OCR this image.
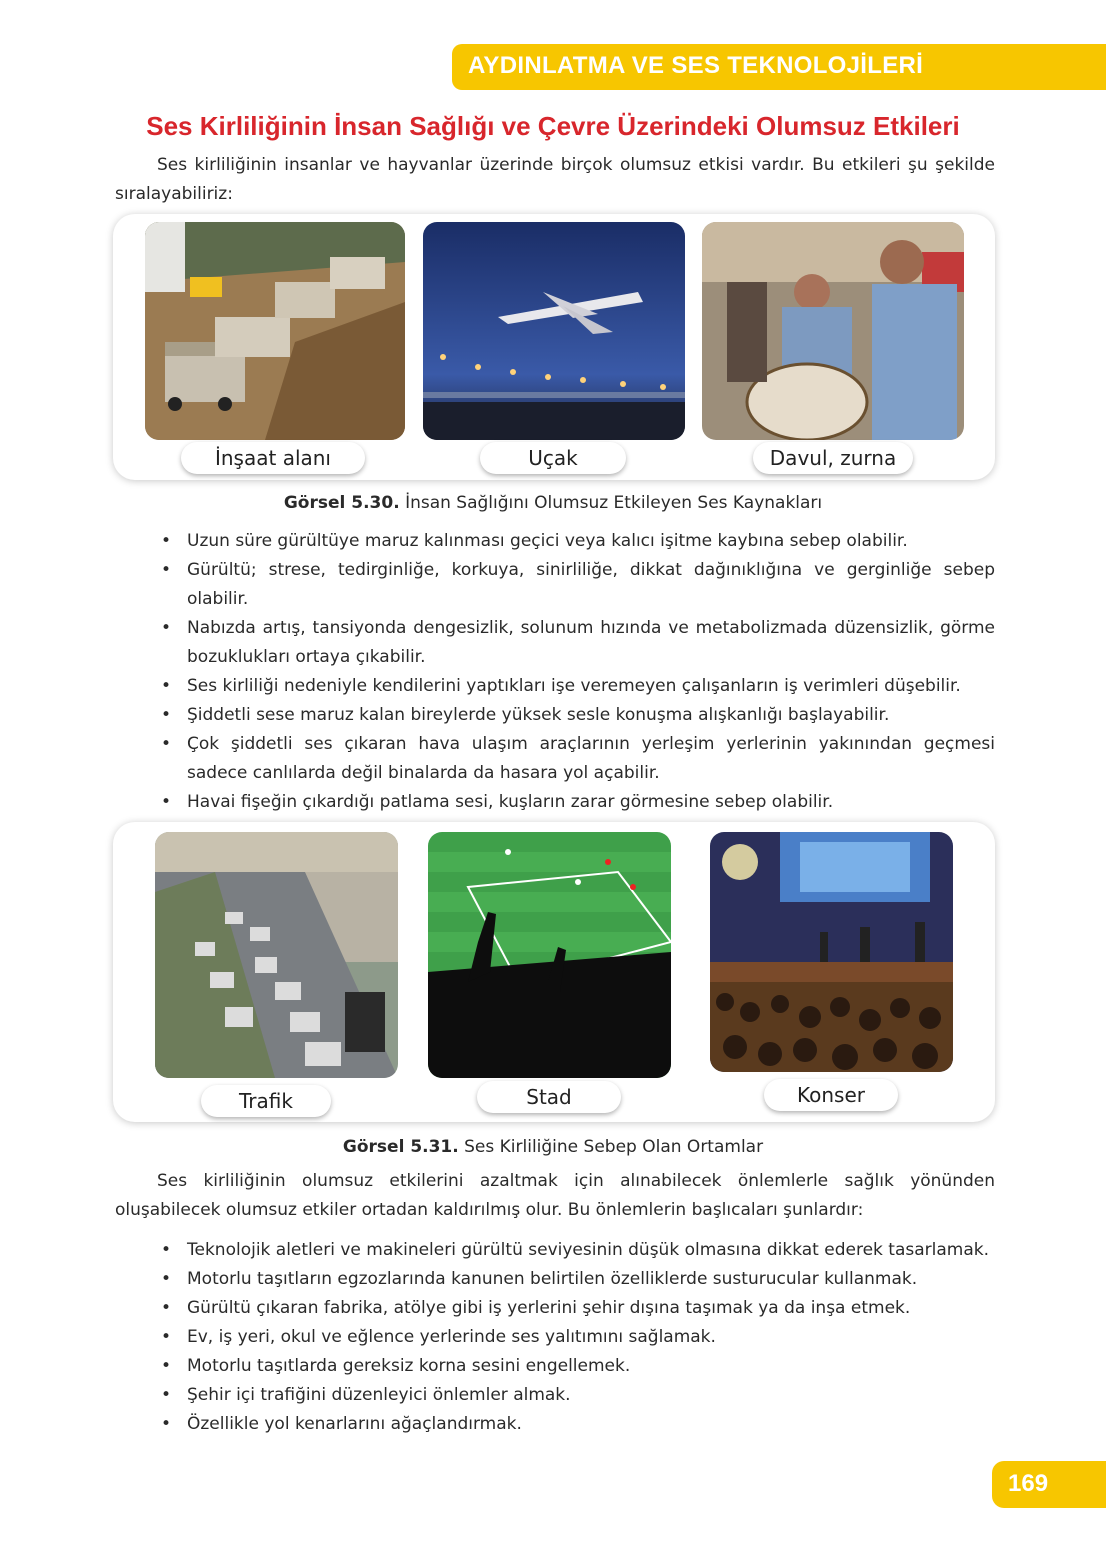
AYDINLATMA VE SES TEKNOLOJİLERİ
Ses Kirliliğinin İnsan Sağlığı ve Çevre Üzerindeki Olumsuz Etkileri
Ses kirliliğinin insanlar ve hayvanlar üzerinde birçok olumsuz etkisi vardır. Bu etkileri şu şekilde sıralayabiliriz:
İnşaat alanı	Uçak	Davul, zurna
Görsel 5.30. İnsan Sağlığını Olumsuz Etkileyen Ses Kaynakları
• Uzun süre gürültüye maruz kalınması geçici veya kalıcı işitme kaybına sebep olabilir.
• Gürültü; strese, tedirginliğe, korkuya, sinirliliğe, dikkat dağınıklığına ve gerginliğe sebep olabilir.
• Nabızda artış, tansiyonda dengesizlik, solunum hızında ve metabolizmada düzensizlik, görme bozuklukları ortaya çıkabilir.
• Ses kirliliği nedeniyle kendilerini yaptıkları işe veremeyen çalışanların iş verimleri düşebilir.
• Şiddetli sese maruz kalan bireylerde yüksek sesle konuşma alışkanlığı başlayabilir.
• Çok şiddetli ses çıkaran hava ulaşım araçlarının yerleşim yerlerinin yakınından geçmesi sadece canlılarda değil binalarda da hasara yol açabilir.
• Havai fişeğin çıkardığı patlama sesi, kuşların zarar görmesine sebep olabilir.
Trafik	Stad	Konser
Görsel 5.31. Ses Kirliliğine Sebep Olan Ortamlar
Ses kirliliğinin olumsuz etkilerini azaltmak için alınabilecek önlemlerle sağlık yönünden oluşabilecek olumsuz etkiler ortadan kaldırılmış olur. Bu önlemlerin başlıcaları şunlardır:
• Teknolojik aletleri ve makineleri gürültü seviyesinin düşük olmasına dikkat ederek tasarlamak.
• Motorlu taşıtların egzozlarında kanunen belirtilen özelliklerde susturucular kullanmak.
• Gürültü çıkaran fabrika, atölye gibi iş yerlerini şehir dışına taşımak ya da inşa etmek.
• Ev, iş yeri, okul ve eğlence yerlerinde ses yalıtımını sağlamak.
• Motorlu taşıtlarda gereksiz korna sesini engellemek.
• Şehir içi trafiğini düzenleyici önlemler almak.
• Özellikle yol kenarlarını ağaçlandırmak.
169
